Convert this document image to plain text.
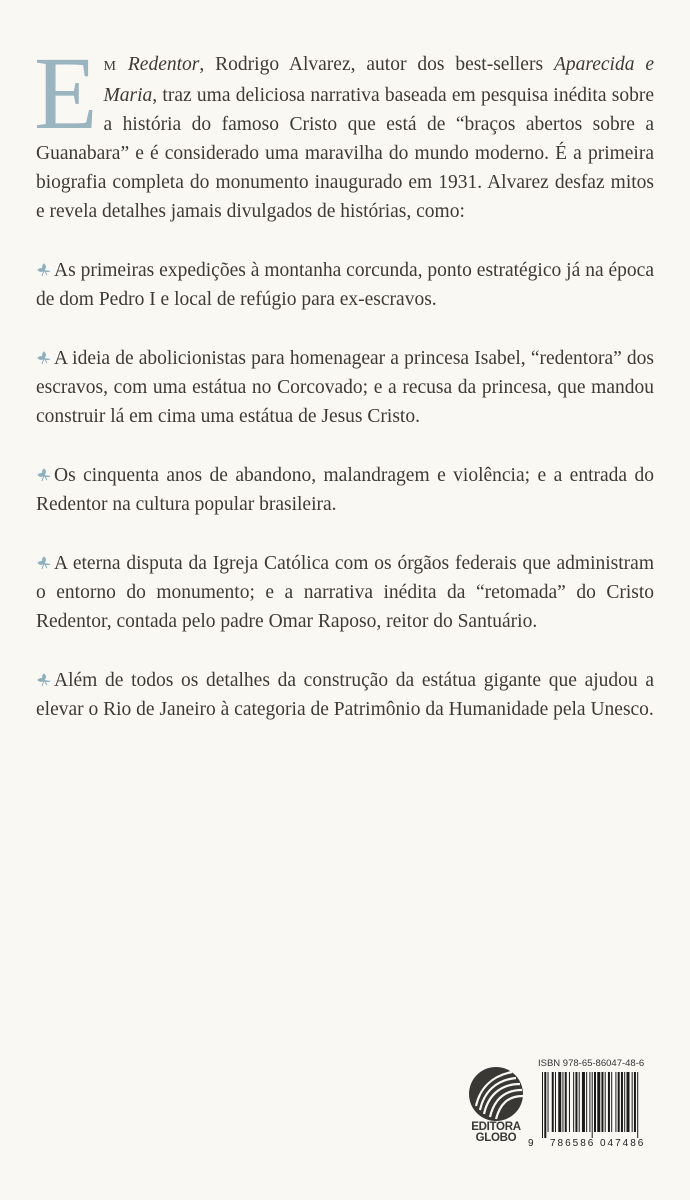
E M Redentor, Rodrigo Alvarez, autor dos best-sellers Aparecida e Maria, traz uma deliciosa narrativa baseada em pesquisa inédita sobre a história do famoso Cristo que está de “braços abertos sobre a Guanabara” e é considerado uma maravilha do mundo moderno. É a primeira biografia completa do monumento inaugurado em 1931. Alvarez desfaz mitos e revela detalhes jamais divulgados de histórias, como:

As primeiras expedições à montanha corcunda, ponto estratégico já na época de dom Pedro I e local de refúgio para ex-escravos.

A ideia de abolicionistas para homenagear a princesa Isabel, “redentora” dos escravos, com uma estátua no Corcovado; e a recusa da princesa, que mandou construir lá em cima uma estátua de Jesus Cristo.

Os cinquenta anos de abandono, malandragem e violência; e a entrada do Redentor na cultura popular brasileira.

A eterna disputa da Igreja Católica com os órgãos federais que administram o entorno do monumento; e a narrativa inédita da “retomada” do Cristo Redentor, contada pelo padre Omar Raposo, reitor do Santuário.

Além de todos os detalhes da construção da estátua gigante que ajudou a elevar o Rio de Janeiro à categoria de Patrimônio da Humanidade pela Unesco.

EDITORA
GLOBO
ISBN 978-65-86047-48-6
9 786586 047486
